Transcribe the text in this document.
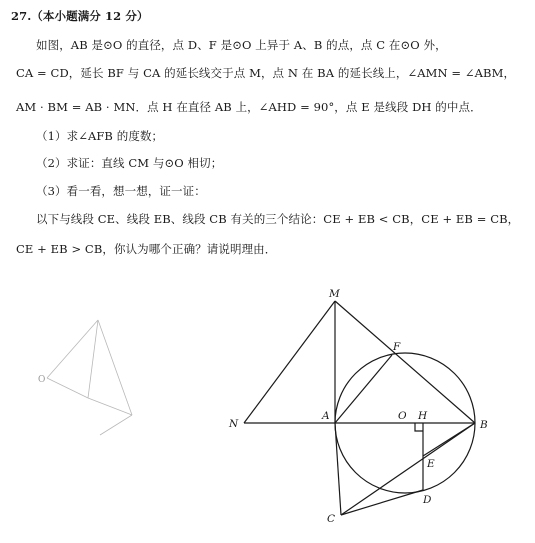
27.（本小题满分 12 分）
如图，AB 是⊙O 的直径，点 D、F 是⊙O 上异于 A、B 的点，点 C 在⊙O 外，
CA = CD，延长 BF 与 CA 的延长线交于点 M，点 N 在 BA 的延长线上，∠AMN = ∠ABM，
AM · BM = AB · MN．点 H 在直径 AB 上，∠AHD = 90°，点 E 是线段 DH 的中点．
（1）求∠AFB 的度数；
（2）求证：直线 CM 与⊙O 相切；
（3）看一看，想一想，证一证：
以下与线段 CE、线段 EB、线段 CB 有关的三个结论：CE + EB < CB，CE + EB = CB，
CE + EB > CB，你认为哪个正确？请说明理由．
O
M
F
N
A	O H
B
E
D
C
